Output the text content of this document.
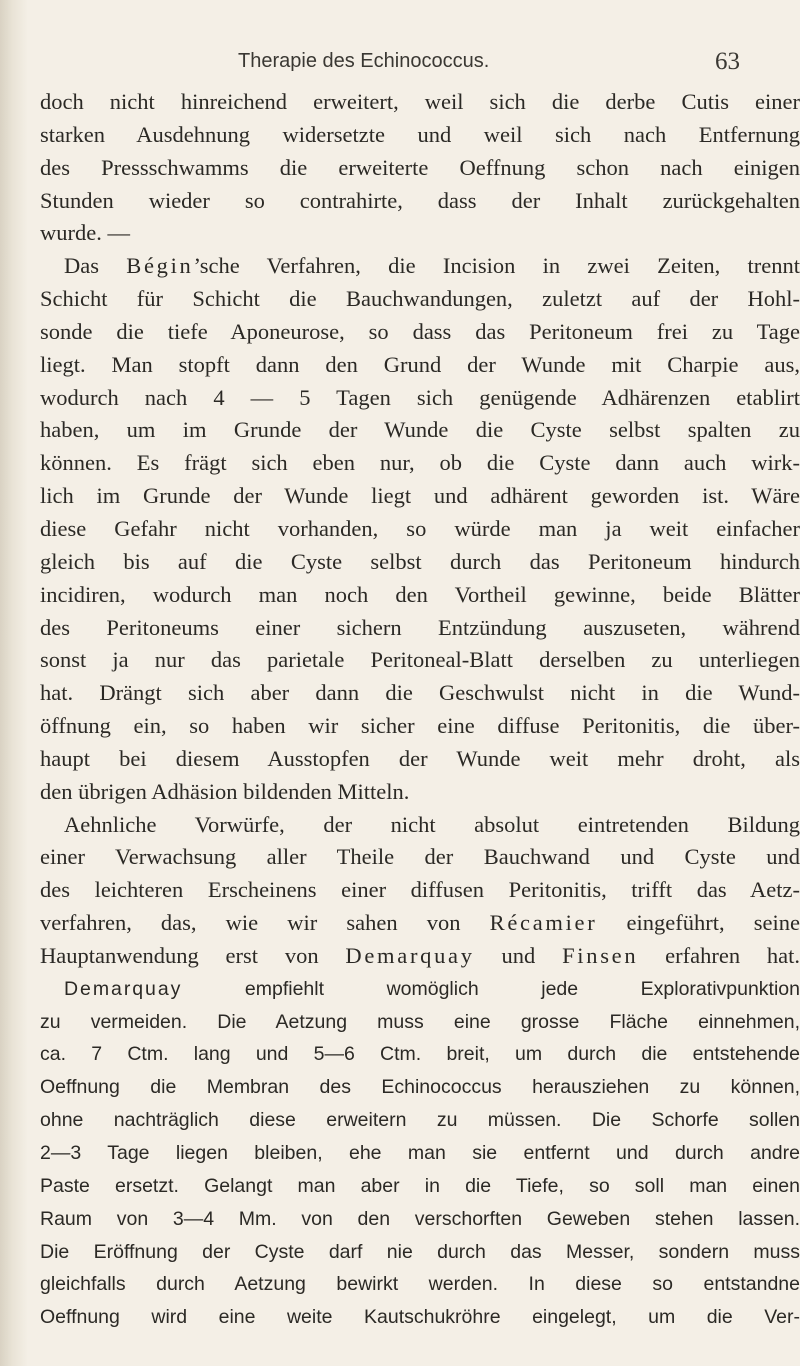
Therapie des Echinococcus.	63
doch nicht hinreichend erweitert, weil sich die derbe Cutis einer
starken Ausdehnung widersetzte und weil sich nach Entfernung
des Pressschwamms die erweiterte Oeffnung schon nach einigen
Stunden wieder so contrahirte, dass der Inhalt zurückgehalten
wurde. —
Das Bégin’sche Verfahren, die Incision in zwei Zeiten, trennt
Schicht für Schicht die Bauchwandungen, zuletzt auf der Hohl-
sonde die tiefe Aponeurose, so dass das Peritoneum frei zu Tage
liegt. Man stopft dann den Grund der Wunde mit Charpie aus,
wodurch nach 4 — 5 Tagen sich genügende Adhärenzen etablirt
haben, um im Grunde der Wunde die Cyste selbst spalten zu
können. Es frägt sich eben nur, ob die Cyste dann auch wirk-
lich im Grunde der Wunde liegt und adhärent geworden ist. Wäre
diese Gefahr nicht vorhanden, so würde man ja weit einfacher
gleich bis auf die Cyste selbst durch das Peritoneum hindurch
incidiren, wodurch man noch den Vortheil gewinne, beide Blätter
des Peritoneums einer sichern Entzündung auszuseten, während
sonst ja nur das parietale Peritoneal-Blatt derselben zu unterliegen
hat. Drängt sich aber dann die Geschwulst nicht in die Wund-
öffnung ein, so haben wir sicher eine diffuse Peritonitis, die über-
haupt bei diesem Ausstopfen der Wunde weit mehr droht, als
den übrigen Adhäsion bildenden Mitteln.
Aehnliche Vorwürfe, der nicht absolut eintretenden Bildung
einer Verwachsung aller Theile der Bauchwand und Cyste und
des leichteren Erscheinens einer diffusen Peritonitis, trifft das Aetz-
verfahren, das, wie wir sahen von Récamier eingeführt, seine
Hauptanwendung erst von Demarquay und Finsen erfahren hat.
Demarquay empfiehlt womöglich jede Explorativpunktion
zu vermeiden. Die Aetzung muss eine grosse Fläche einnehmen,
ca. 7 Ctm. lang und 5—6 Ctm. breit, um durch die entstehende
Oeffnung die Membran des Echinococcus herausziehen zu können,
ohne nachträglich diese erweitern zu müssen. Die Schorfe sollen
2—3 Tage liegen bleiben, ehe man sie entfernt und durch andre
Paste ersetzt. Gelangt man aber in die Tiefe, so soll man einen
Raum von 3—4 Mm. von den verschorften Geweben stehen lassen.
Die Eröffnung der Cyste darf nie durch das Messer, sondern muss
gleichfalls durch Aetzung bewirkt werden. In diese so entstandne
Oeffnung wird eine weite Kautschukröhre eingelegt, um die Ver-
